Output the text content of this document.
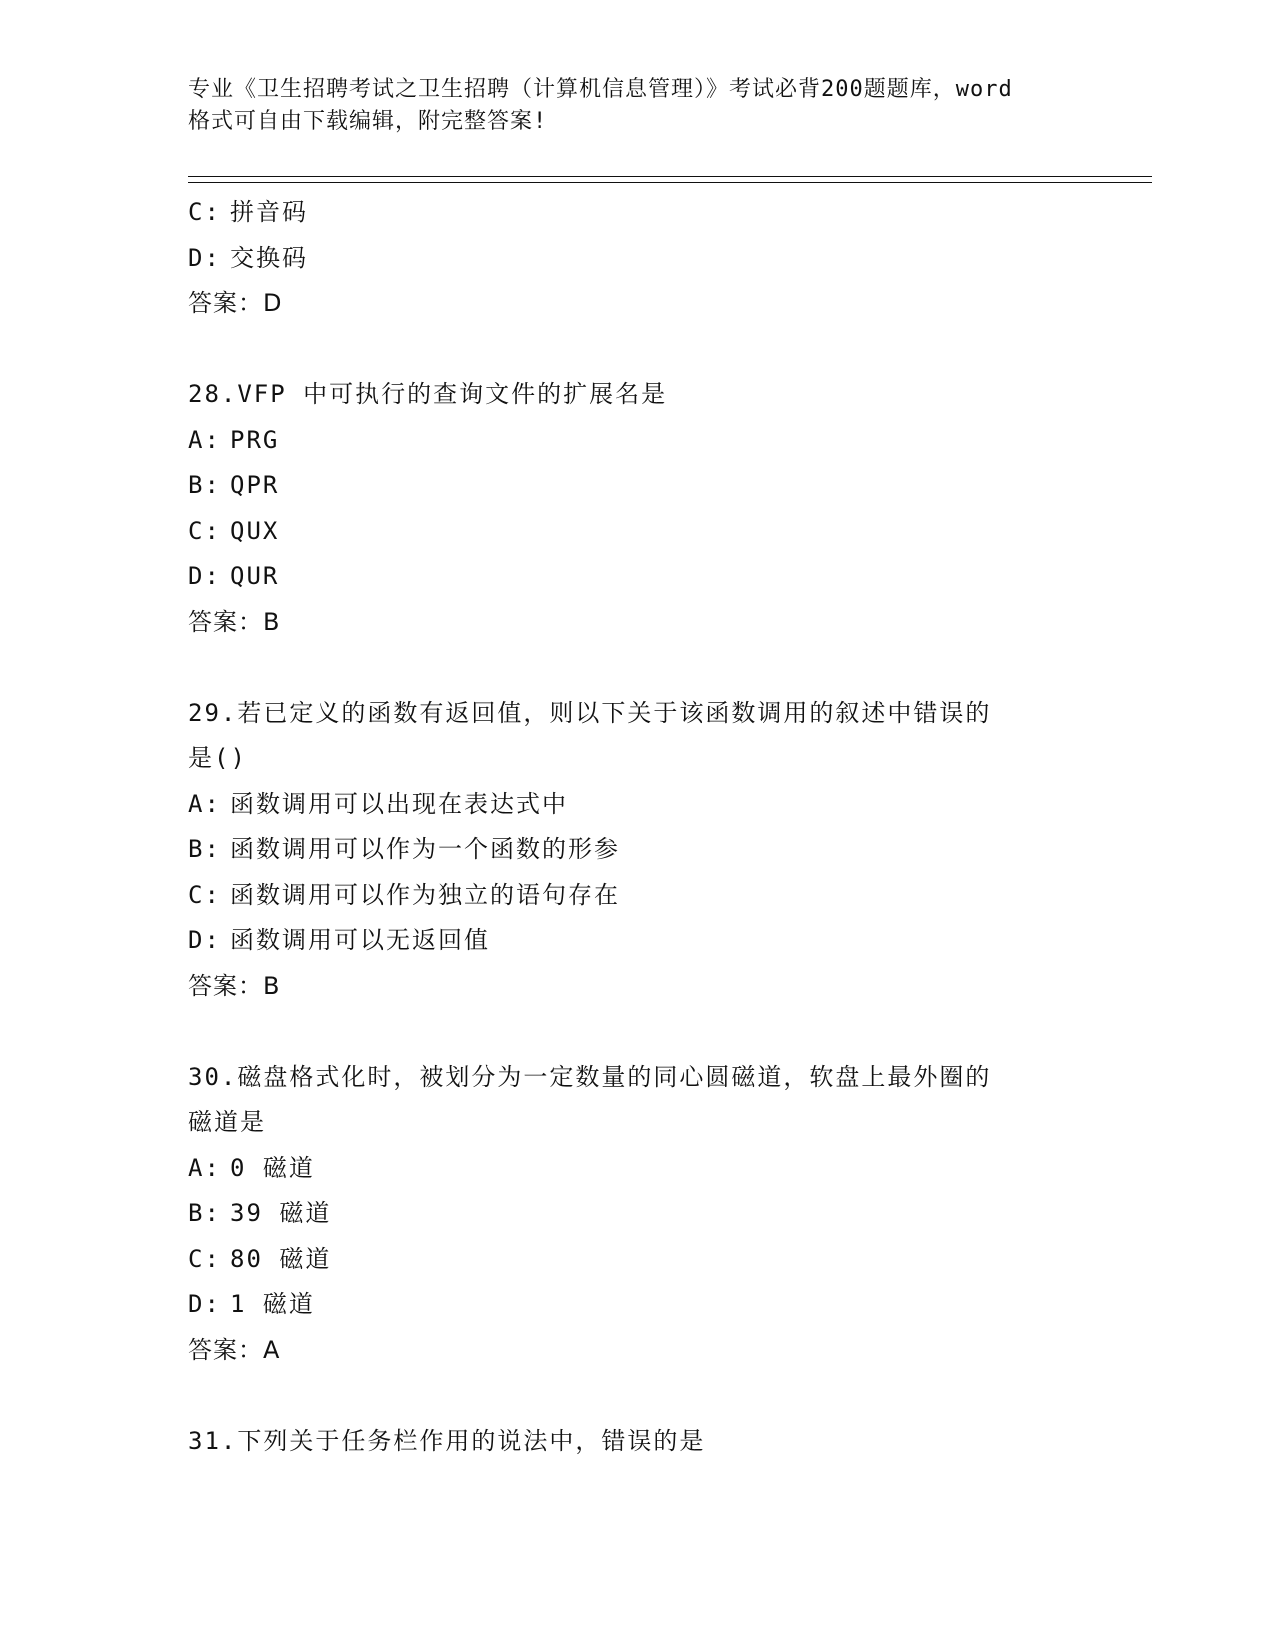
专业《卫生招聘考试之卫生招聘（计算机信息管理）》考试必背200题题库，word
格式可自由下载编辑，附完整答案!
C: 拼音码
D: 交换码
答案：D
28.VFP 中可执行的查询文件的扩展名是
A: PRG
B: QPR
C: QUX
D: QUR
答案：B
29.若已定义的函数有返回值，则以下关于该函数调用的叙述中错误的
是()
A: 函数调用可以出现在表达式中
B: 函数调用可以作为一个函数的形参
C: 函数调用可以作为独立的语句存在
D: 函数调用可以无返回值
答案：B
30.磁盘格式化时，被划分为一定数量的同心圆磁道，软盘上最外圈的
磁道是
A: 0 磁道
B: 39 磁道
C: 80 磁道
D: 1 磁道
答案：A
31.下列关于任务栏作用的说法中，错误的是
